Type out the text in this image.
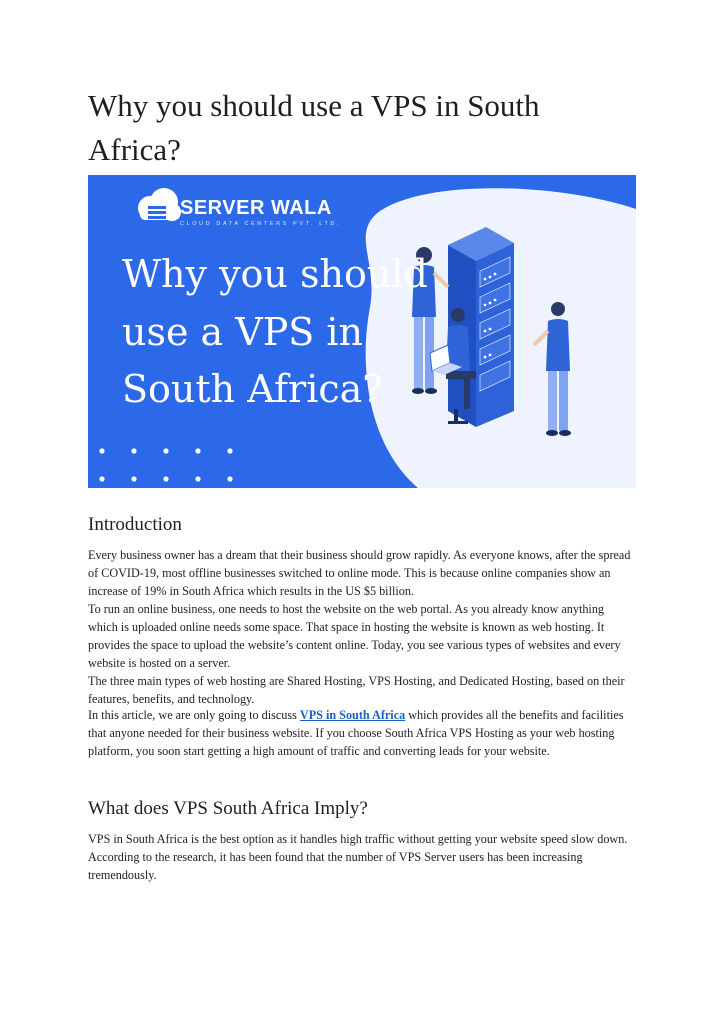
Why you should use a VPS in South Africa?
SERVER WALA
CLOUD DATA CENTERS PVT. LTD.
Why you should
use a VPS in
South Africa?
Introduction

Every business owner has a dream that their business should grow rapidly. As everyone knows, after the spread of COVID-19, most offline businesses switched to online mode. This is because online companies show an increase of 19% in South Africa which results in the US $5 billion.

To run an online business, one needs to host the website on the web portal. As you already know anything which is uploaded online needs some space. That space in hosting the website is known as web hosting. It provides the space to upload the website’s content online. Today, you see various types of websites and every website is hosted on a server.

The three main types of web hosting are Shared Hosting, VPS Hosting, and Dedicated Hosting, based on their features, benefits, and technology.

In this article, we are only going to discuss VPS in South Africa which provides all the benefits and facilities that anyone needed for their business website. If you choose South Africa VPS Hosting as your web hosting platform, you soon start getting a high amount of traffic and converting leads for your website.

What does VPS South Africa Imply?

VPS in South Africa is the best option as it handles high traffic without getting your website speed slow down. According to the research, it has been found that the number of VPS Server users has been increasing tremendously.
